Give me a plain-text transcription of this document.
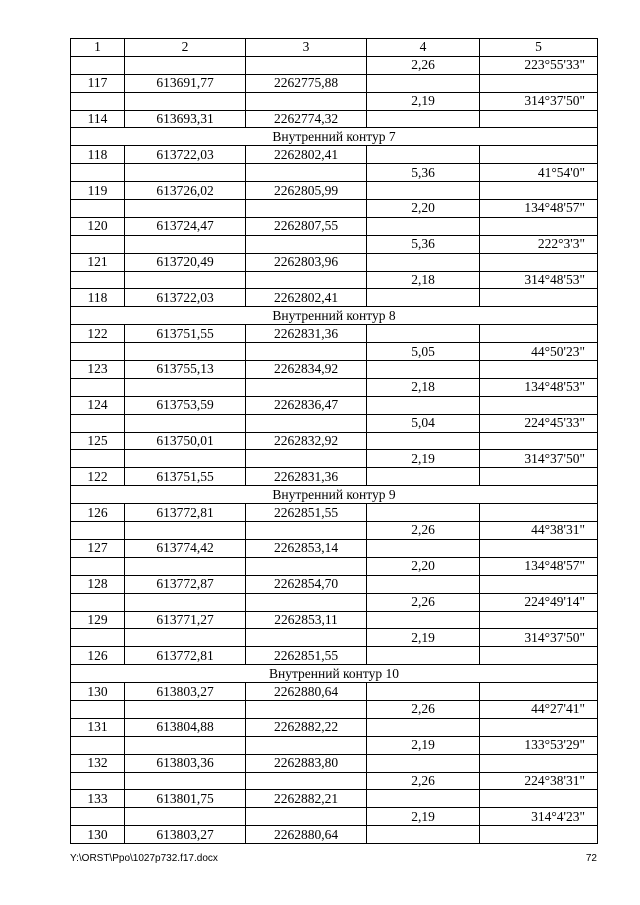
1	2	3	4	5
			2,26	223°55'33"
117	613691,77	2262775,88		
			2,19	314°37'50"
114	613693,31	2262774,32		
Внутренний контур 7				
118	613722,03	2262802,41		
			5,36	41°54'0"
119	613726,02	2262805,99		
			2,20	134°48'57"
120	613724,47	2262807,55		
			5,36	222°3'3"
121	613720,49	2262803,96		
			2,18	314°48'53"
118	613722,03	2262802,41		
Внутренний контур 8				
122	613751,55	2262831,36		
			5,05	44°50'23"
123	613755,13	2262834,92		
			2,18	134°48'53"
124	613753,59	2262836,47		
			5,04	224°45'33"
125	613750,01	2262832,92		
			2,19	314°37'50"
122	613751,55	2262831,36		
Внутренний контур 9				
126	613772,81	2262851,55		
			2,26	44°38'31"
127	613774,42	2262853,14		
			2,20	134°48'57"
128	613772,87	2262854,70		
			2,26	224°49'14"
129	613771,27	2262853,11		
			2,19	314°37'50"
126	613772,81	2262851,55		
Внутренний контур 10				
130	613803,27	2262880,64		
			2,26	44°27'41"
131	613804,88	2262882,22		
			2,19	133°53'29"
132	613803,36	2262883,80		
			2,26	224°38'31"
133	613801,75	2262882,21		
			2,19	314°4'23"
130	613803,27	2262880,64		
Y:\ORST\Ppo\1027p732.f17.docx	72
